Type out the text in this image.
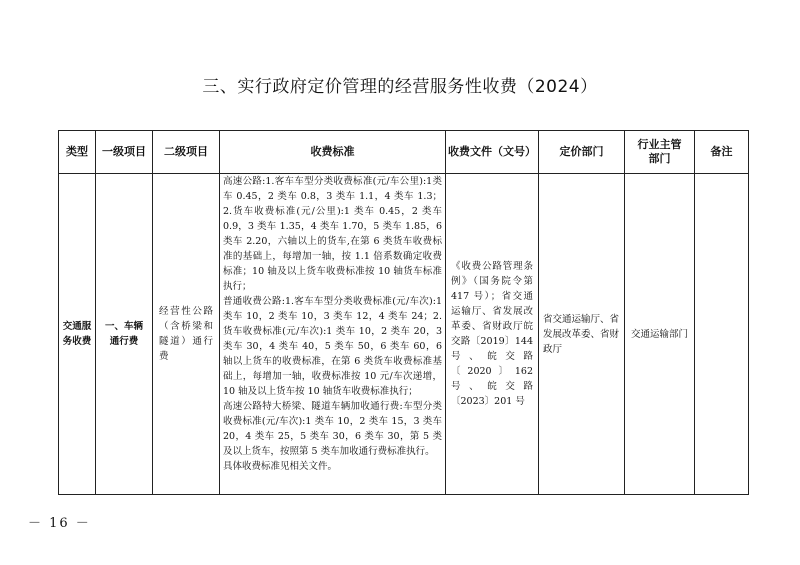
三、实行政府定价管理的经营服务性收费（2024）
类型	一级项目	二级项目	收费标准	收费文件（文号）	定价部门	行业主管部门	备注
交通服务收费	一、车辆通行费	经营性公路（含桥梁和隧道）通行费	高速公路:1.客车车型分类收费标准(元/车公里):1类车 0.45，2 类车 0.8，3 类车 1.1，4 类车 1.3；2.货车收费标准(元/公里):1 类车 0.45，2 类车 0.9，3 类车 1.35，4 类车 1.70，5 类车 1.85，6 类车 2.20，六轴以上的货车,在第 6 类货车收费标准的基础上，每增加一轴，按 1.1 倍系数确定收费标准；10 轴及以上货车收费标准按 10 轴货车标准执行；
普通收费公路:1.客车车型分类收费标准(元/车次):1 类车 10，2 类车 10，3 类车 12，4 类车 24；2.货车收费标准(元/车次):1 类车 10，2 类车 20，3 类车 30，4 类车 40，5 类车 50，6 类车 60，6 轴以上货车的收费标准，在第 6 类货车收费标准基础上，每增加一轴，收费标准按 10 元/车次递增，10 轴及以上货车按 10 轴货车收费标准执行；
高速公路特大桥梁、隧道车辆加收通行费:车型分类收费标准(元/车次):1 类车 10，2 类车 15，3 类车 20，4 类车 25，5 类车 30，6 类车 30，第 5 类及以上货车，按照第 5 类车加收通行费标准执行。
具体收费标准见相关文件。	《收费公路管理条例》（国务院令第 417 号）；省交通运输厅、省发展改革委、省财政厅皖交路〔2019〕144 号、皖交路〔2020〕162 号、皖交路〔2023〕201 号	省交通运输厅、省发展改革委、省财政厅	交通运输部门	
－ 16 －
